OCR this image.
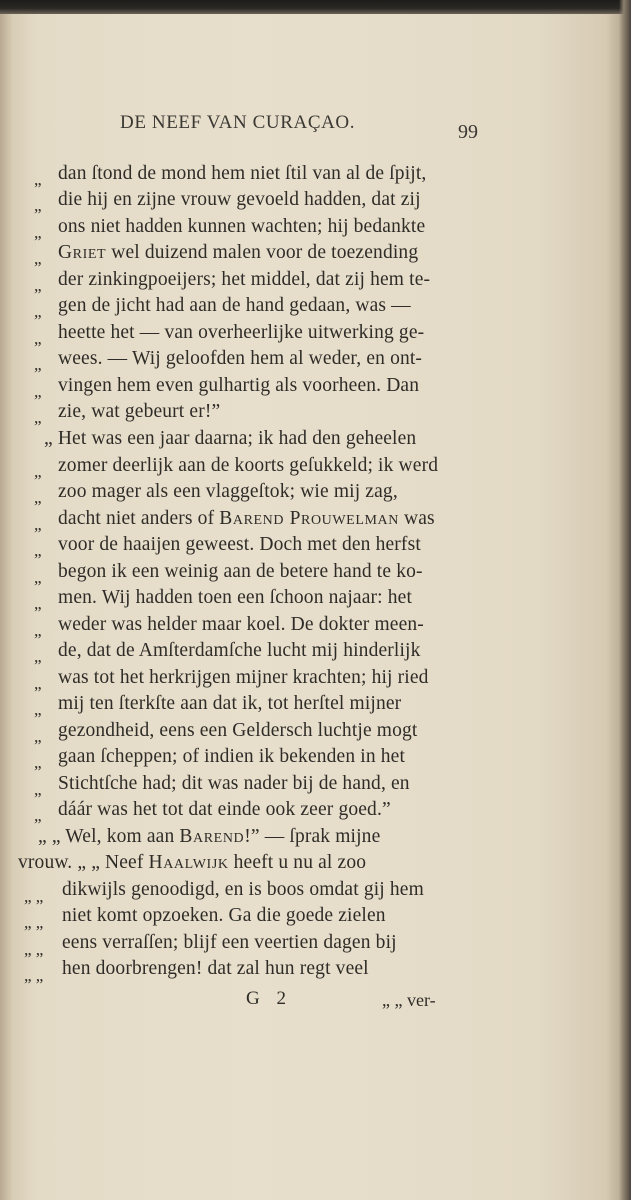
DE NEEF VAN CURAÇAO.	99
„ dan ſtond de mond hem niet ſtil van al de ſpijt,
„ die hij en zijne vrouw gevoeld hadden, dat zij
„ ons niet hadden kunnen wachten; hij bedankte
„ Griet wel duizend malen voor de toezending
„ der zinkingpoeijers; het middel, dat zij hem te-
„ gen de jicht had aan de hand gedaan, was —
„ heette het — van overheerlijke uitwerking ge-
„ wees. — Wij geloofden hem al weder, en ont-
„ vingen hem even gulhartig als voorheen. Dan
„ zie, wat gebeurt er!”
„ Het was een jaar daarna; ik had den geheelen
„ zomer deerlijk aan de koorts geſukkeld; ik werd
„ zoo mager als een vlaggeſtok; wie mij zag,
„ dacht niet anders of Barend Prouwelman was
„ voor de haaijen geweest. Doch met den herfst
„ begon ik een weinig aan de betere hand te ko-
„ men. Wij hadden toen een ſchoon najaar: het
„ weder was helder maar koel. De dokter meen-
„ de, dat de Amſterdamſche lucht mij hinderlijk
„ was tot het herkrijgen mijner krachten; hij ried
„ mij ten ſterkſte aan dat ik, tot herſtel mijner
„ gezondheid, eens een Geldersch luchtje mogt
„ gaan ſcheppen; of indien ik bekenden in het
„ Stichtſche had; dit was nader bij de hand, en
„ dáár was het tot dat einde ook zeer goed.”
„ „ Wel, kom aan Barend!” — ſprak mijne
vrouw. „ „ Neef Haalwijk heeft u nu al zoo
„ „ dikwijls genoodigd, en is boos omdat gij hem
„ „ niet komt opzoeken. Ga die goede zielen
„ „ eens verraſſen; blijf een veertien dagen bij
„ „ hen doorbrengen! dat zal hun regt veel
G 2	„ „ ver-
